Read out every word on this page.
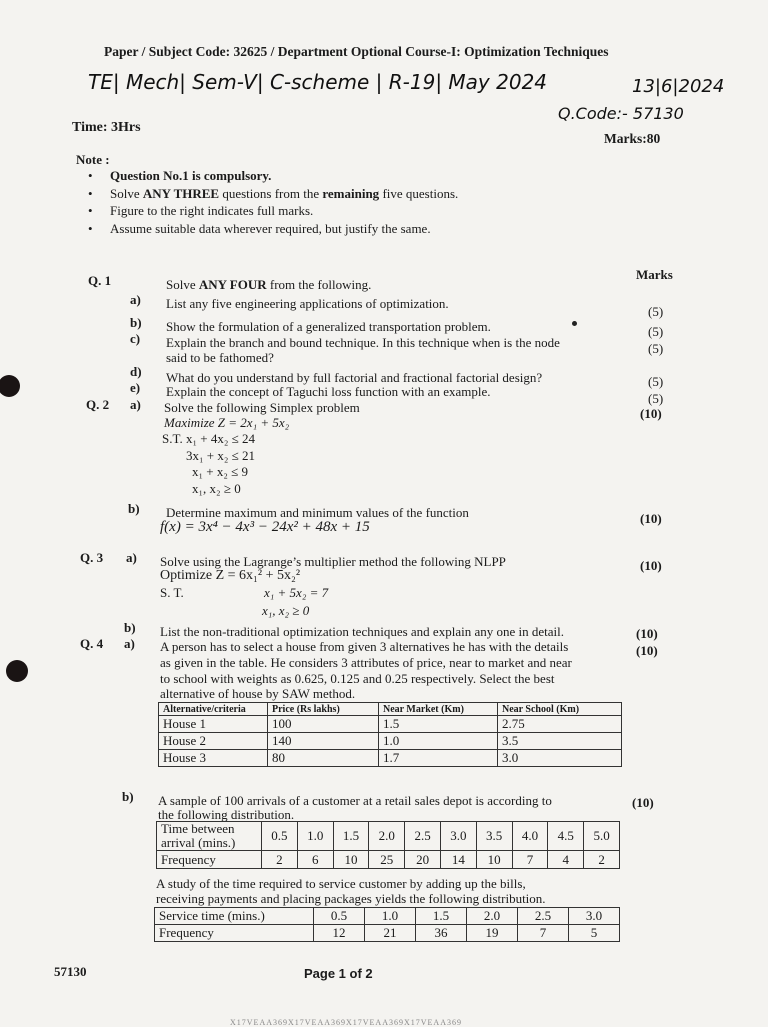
Paper / Subject Code: 32625 / Department Optional Course-I: Optimization Techniques
TE| Mech| Sem-V| C-scheme | R-19| May 2024	13|6|2024
Q.Code:- 57130
Time: 3Hrs
Marks:80
Note :
• Question No.1 is compulsory.
• Solve ANY THREE questions from the remaining five questions.
• Figure to the right indicates full marks.
• Assume suitable data wherever required, but justify the same.
Marks
Q. 1	Solve ANY FOUR from the following.
a) List any five engineering applications of optimization.
(5)
b) Show the formulation of a generalized transportation problem.	(5)
c) Explain the branch and bound technique. In this technique when is the node
said to be fathomed?
(5)
d) What do you understand by full factorial and fractional factorial design?	(5)
e) Explain the concept of Taguchi loss function with an example.	(5)
Q. 2 a) Solve the following Simplex problem	(10)
Maximize Z = 2x₁ + 5x₂
S.T. x₁ + 4x₂ ≤ 24
3x₁ + x₂ ≤ 21
x₁ + x₂ ≤ 9
x₁, x₂ ≥ 0
b) Determine maximum and minimum values of the function
f(x) = 3x⁴ − 4x³ − 24x² + 48x + 15
(10)
Q. 3 a) Solve using the Lagrange’s multiplier method the following NLPP	(10)
Optimize Z = 6x₁² + 5x₂²
S. T.	x₁ + 5x₂ = 7
x₁, x₂ ≥ 0
b) List the non-traditional optimization techniques and explain any one in detail.	(10)
Q. 4 a)	(10)
A person has to select a house from given 3 alternatives he has with the details
as given in the table. He considers 3 attributes of price, near to market and near
to school with weights as 0.625, 0.125 and 0.25 respectively. Select the best
alternative of house by SAW method.
Alternative/criteria	Price (Rs lakhs)	Near Market (Km)	Near School (Km)
House 1	100	1.5	2.75
House 2	140	1.0	3.5
House 3	80	1.7	3.0
b) A sample of 100 arrivals of a customer at a retail sales depot is according to
the following distribution.
(10)
Time between
arrival (mins.)	0.5	1.0	1.5	2.0	2.5	3.0	3.5	4.0	4.5	5.0
Frequency	2	6	10	25	20	14	10	7	4	2
A study of the time required to service customer by adding up the bills,
receiving payments and placing packages yields the following distribution.
Service time (mins.)	0.5	1.0	1.5	2.0	2.5	3.0
Frequency	12	21	36	19	7	5
57130	Page 1 of 2
X17VEAA369X17VEAA369X17VEAA369X17VEAA369
